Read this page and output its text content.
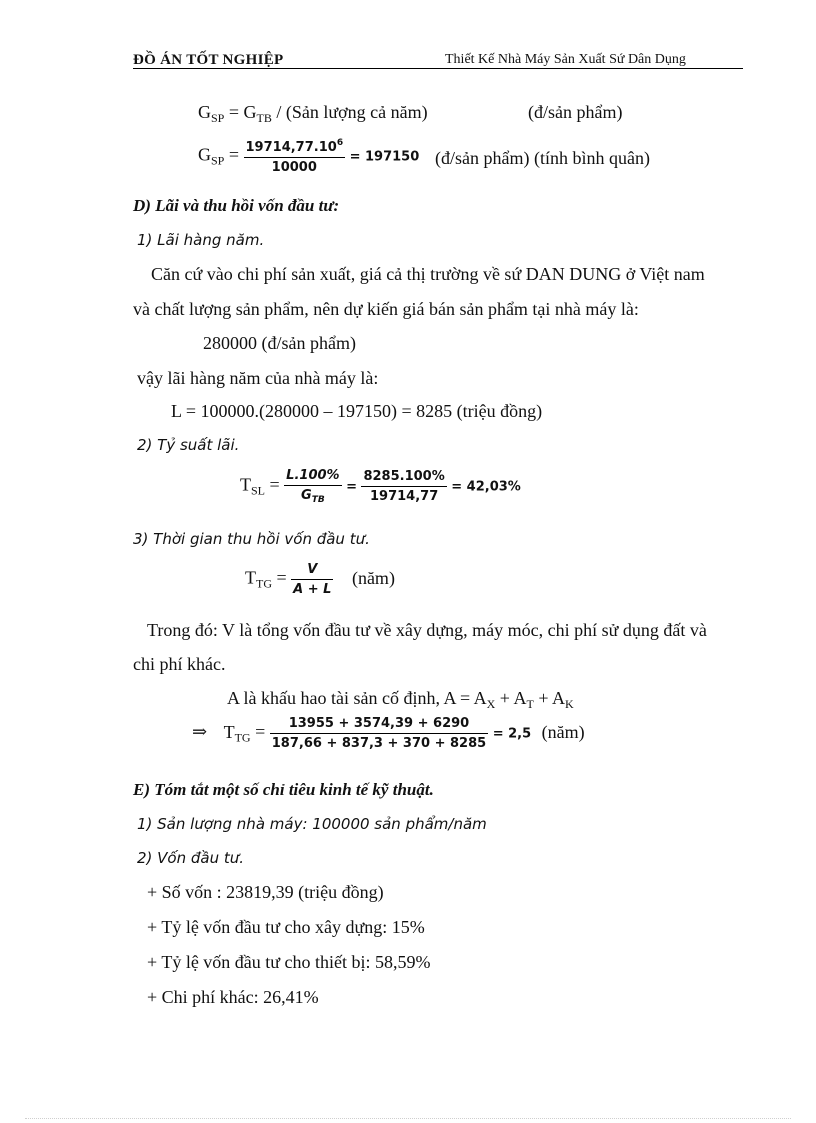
ĐỒ ÁN TỐT NGHIỆP	Thiết Kế Nhà Máy Sản Xuất Sứ Dân Dụng
$G_{SP} = G_{TB}$ / (Sản lượng cả năm)	(đ/sản phẩm)
$G_{SP} = \frac{19714,77.10^6}{10000} = 197150$ (đ/sản phẩm) (tính bình quân)
D) Lãi và thu hồi vốn đầu tư:
1) Lãi hàng năm.
Căn cứ vào chi phí sản xuất, giá cả thị trường về sứ DAN DUNG ở Việt nam
và chất lượng sản phẩm, nên dự kiến giá bán sản phẩm tại nhà máy là:
280000 (đ/sản phẩm)
vậy lãi hàng năm của nhà máy là:
L = 100000.(280000 – 197150) = 8285 (triệu đồng)
2) Tỷ suất lãi.
$T_{SL} = \frac{L.100\%}{G_{TB}} = \frac{8285.100\%}{19714,77} = 42,03\%$
3) Thời gian thu hồi vốn đầu tư.
$T_{TG} = \frac{V}{A + L}$ (năm)
Trong đó: V là tổng vốn đầu tư về xây dựng, máy móc, chi phí sử dụng đất và
chi phí khác.
A là khấu hao tài sản cố định, $A = A_X + A_T + A_K$
⇒ $T_{TG} = \frac{13955 + 3574,39 + 6290}{187,66 + 837,3 + 370 + 8285} = 2,5$ (năm)
E) Tóm tắt một số chỉ tiêu kinh tế kỹ thuật.
1) Sản lượng nhà máy: 100000 sản phẩm/năm
2) Vốn đầu tư.
+ Số vốn : 23819,39 (triệu đồng)
+ Tỷ lệ vốn đầu tư cho xây dựng: 15%
+ Tỷ lệ vốn đầu tư cho thiết bị: 58,59%
+ Chi phí khác: 26,41%
